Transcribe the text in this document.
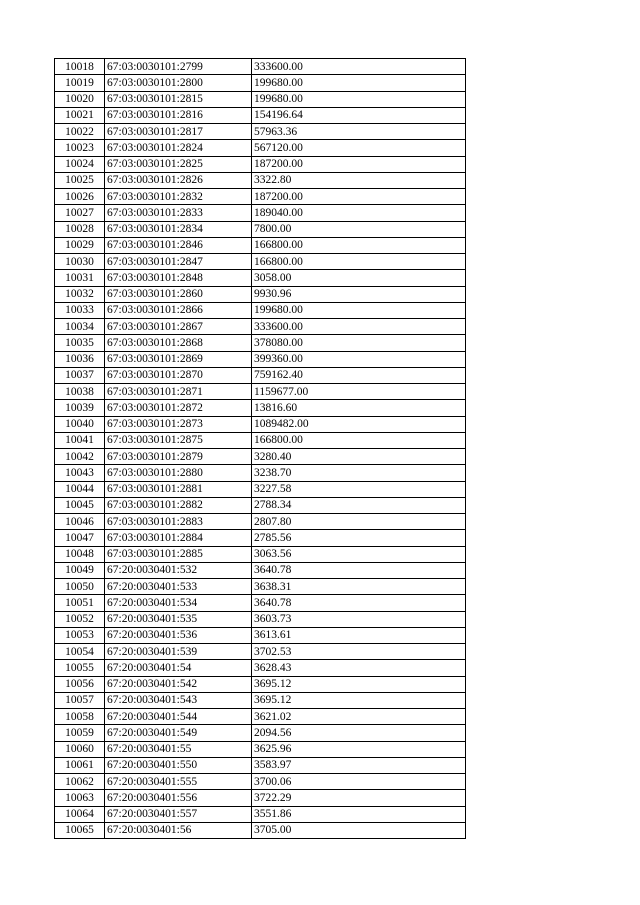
10018	67:03:0030101:2799	333600.00
10019	67:03:0030101:2800	199680.00
10020	67:03:0030101:2815	199680.00
10021	67:03:0030101:2816	154196.64
10022	67:03:0030101:2817	57963.36
10023	67:03:0030101:2824	567120.00
10024	67:03:0030101:2825	187200.00
10025	67:03:0030101:2826	3322.80
10026	67:03:0030101:2832	187200.00
10027	67:03:0030101:2833	189040.00
10028	67:03:0030101:2834	7800.00
10029	67:03:0030101:2846	166800.00
10030	67:03:0030101:2847	166800.00
10031	67:03:0030101:2848	3058.00
10032	67:03:0030101:2860	9930.96
10033	67:03:0030101:2866	199680.00
10034	67:03:0030101:2867	333600.00
10035	67:03:0030101:2868	378080.00
10036	67:03:0030101:2869	399360.00
10037	67:03:0030101:2870	759162.40
10038	67:03:0030101:2871	1159677.00
10039	67:03:0030101:2872	13816.60
10040	67:03:0030101:2873	1089482.00
10041	67:03:0030101:2875	166800.00
10042	67:03:0030101:2879	3280.40
10043	67:03:0030101:2880	3238.70
10044	67:03:0030101:2881	3227.58
10045	67:03:0030101:2882	2788.34
10046	67:03:0030101:2883	2807.80
10047	67:03:0030101:2884	2785.56
10048	67:03:0030101:2885	3063.56
10049	67:20:0030401:532	3640.78
10050	67:20:0030401:533	3638.31
10051	67:20:0030401:534	3640.78
10052	67:20:0030401:535	3603.73
10053	67:20:0030401:536	3613.61
10054	67:20:0030401:539	3702.53
10055	67:20:0030401:54	3628.43
10056	67:20:0030401:542	3695.12
10057	67:20:0030401:543	3695.12
10058	67:20:0030401:544	3621.02
10059	67:20:0030401:549	2094.56
10060	67:20:0030401:55	3625.96
10061	67:20:0030401:550	3583.97
10062	67:20:0030401:555	3700.06
10063	67:20:0030401:556	3722.29
10064	67:20:0030401:557	3551.86
10065	67:20:0030401:56	3705.00
